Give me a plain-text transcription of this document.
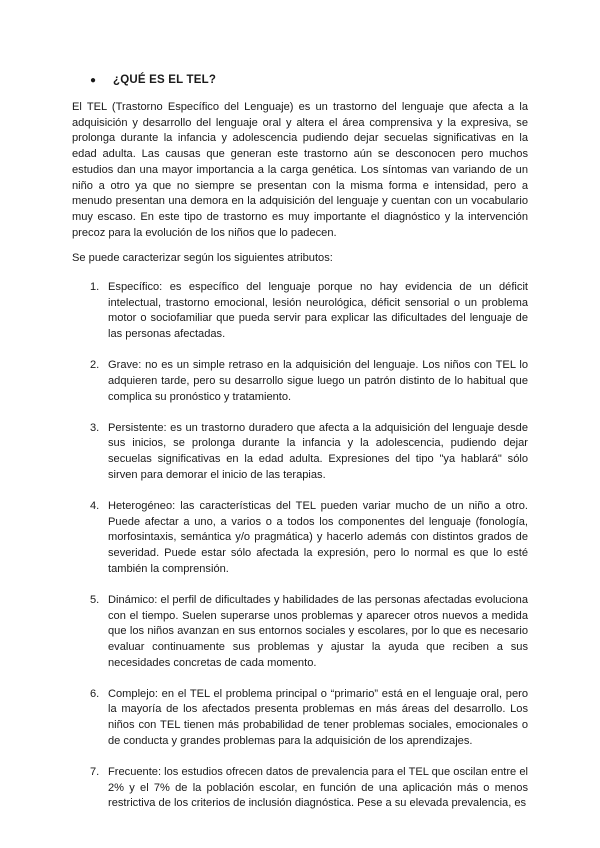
● ¿QUÉ ES EL TEL?

El TEL (Trastorno Específico del Lenguaje) es un trastorno del lenguaje que afecta a la adquisición y desarrollo del lenguaje oral y altera el área comprensiva y la expresiva, se prolonga durante la infancia y adolescencia pudiendo dejar secuelas significativas en la edad adulta. Las causas que generan este trastorno aún se desconocen pero muchos estudios dan una mayor importancia a la carga genética. Los síntomas van variando de un niño a otro ya que no siempre se presentan con la misma forma e intensidad, pero a menudo presentan una demora en la adquisición del lenguaje y cuentan con un vocabulario muy escaso. En este tipo de trastorno es muy importante el diagnóstico y la intervención precoz para la evolución de los niños que lo padecen.

Se puede caracterizar según los siguientes atributos:

1. Específico: es específico del lenguaje porque no hay evidencia de un déficit intelectual, trastorno emocional, lesión neurológica, déficit sensorial o un problema motor o sociofamiliar que pueda servir para explicar las dificultades del lenguaje de las personas afectadas.
2. Grave: no es un simple retraso en la adquisición del lenguaje. Los niños con TEL lo adquieren tarde, pero su desarrollo sigue luego un patrón distinto de lo habitual que complica su pronóstico y tratamiento.
3. Persistente: es un trastorno duradero que afecta a la adquisición del lenguaje desde sus inicios, se prolonga durante la infancia y la adolescencia, pudiendo dejar secuelas significativas en la edad adulta. Expresiones del tipo "ya hablará" sólo sirven para demorar el inicio de las terapias.
4. Heterogéneo: las características del TEL pueden variar mucho de un niño a otro. Puede afectar a uno, a varios o a todos los componentes del lenguaje (fonología, morfosintaxis, semántica y/o pragmática) y hacerlo además con distintos grados de severidad. Puede estar sólo afectada la expresión, pero lo normal es que lo esté también la comprensión.
5. Dinámico: el perfil de dificultades y habilidades de las personas afectadas evoluciona con el tiempo. Suelen superarse unos problemas y aparecer otros nuevos a medida que los niños avanzan en sus entornos sociales y escolares, por lo que es necesario evaluar continuamente sus problemas y ajustar la ayuda que reciben a sus necesidades concretas de cada momento.
6. Complejo: en el TEL el problema principal o “primario” está en el lenguaje oral, pero la mayoría de los afectados presenta problemas en más áreas del desarrollo. Los niños con TEL tienen más probabilidad de tener problemas sociales, emocionales o de conducta y grandes problemas para la adquisición de los aprendizajes.
7. Frecuente: los estudios ofrecen datos de prevalencia para el TEL que oscilan entre el 2% y el 7% de la población escolar, en función de una aplicación más o menos restrictiva de los criterios de inclusión diagnóstica. Pese a su elevada prevalencia, es
